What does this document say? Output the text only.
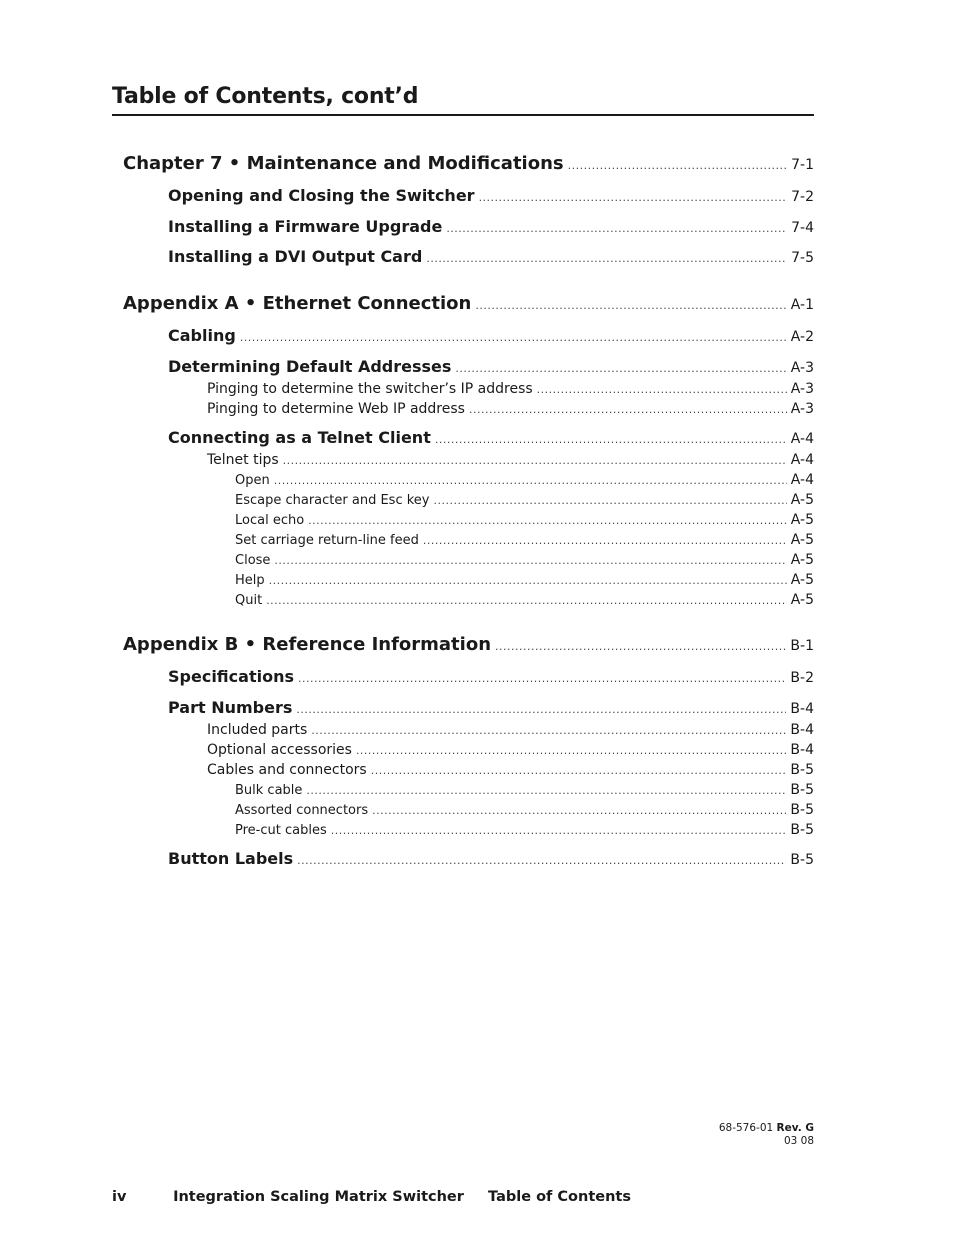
Table of Contents, cont’d
Chapter 7 • Maintenance and Modifications .....	7-1
Opening and Closing the Switcher .....	7-2
Installing a Firmware Upgrade .....	7-4
Installing a DVI Output Card .....	7-5
Appendix A • Ethernet Connection .....	A-1
Cabling .....	A-2
Determining Default Addresses .....	A-3
Pinging to determine the switcher’s IP address .....	A-3
Pinging to determine Web IP address .....	A-3
Connecting as a Telnet Client .....	A-4
Telnet tips .....	A-4
Open .....	A-4
Escape character and Esc key .....	A-5
Local echo .....	A-5
Set carriage return-line feed .....	A-5
Close .....	A-5
Help .....	A-5
Quit .....	A-5
Appendix B • Reference Information .....	B-1
Specifications .....	B-2
Part Numbers .....	B-4
Included parts .....	B-4
Optional accessories .....	B-4
Cables and connectors .....	B-5
Bulk cable .....	B-5
Assorted connectors .....	B-5
Pre-cut cables .....	B-5
Button Labels .....	B-5
68-576-01 Rev. G
03 08
iv	Integration Scaling Matrix Switcher Table of Contents
